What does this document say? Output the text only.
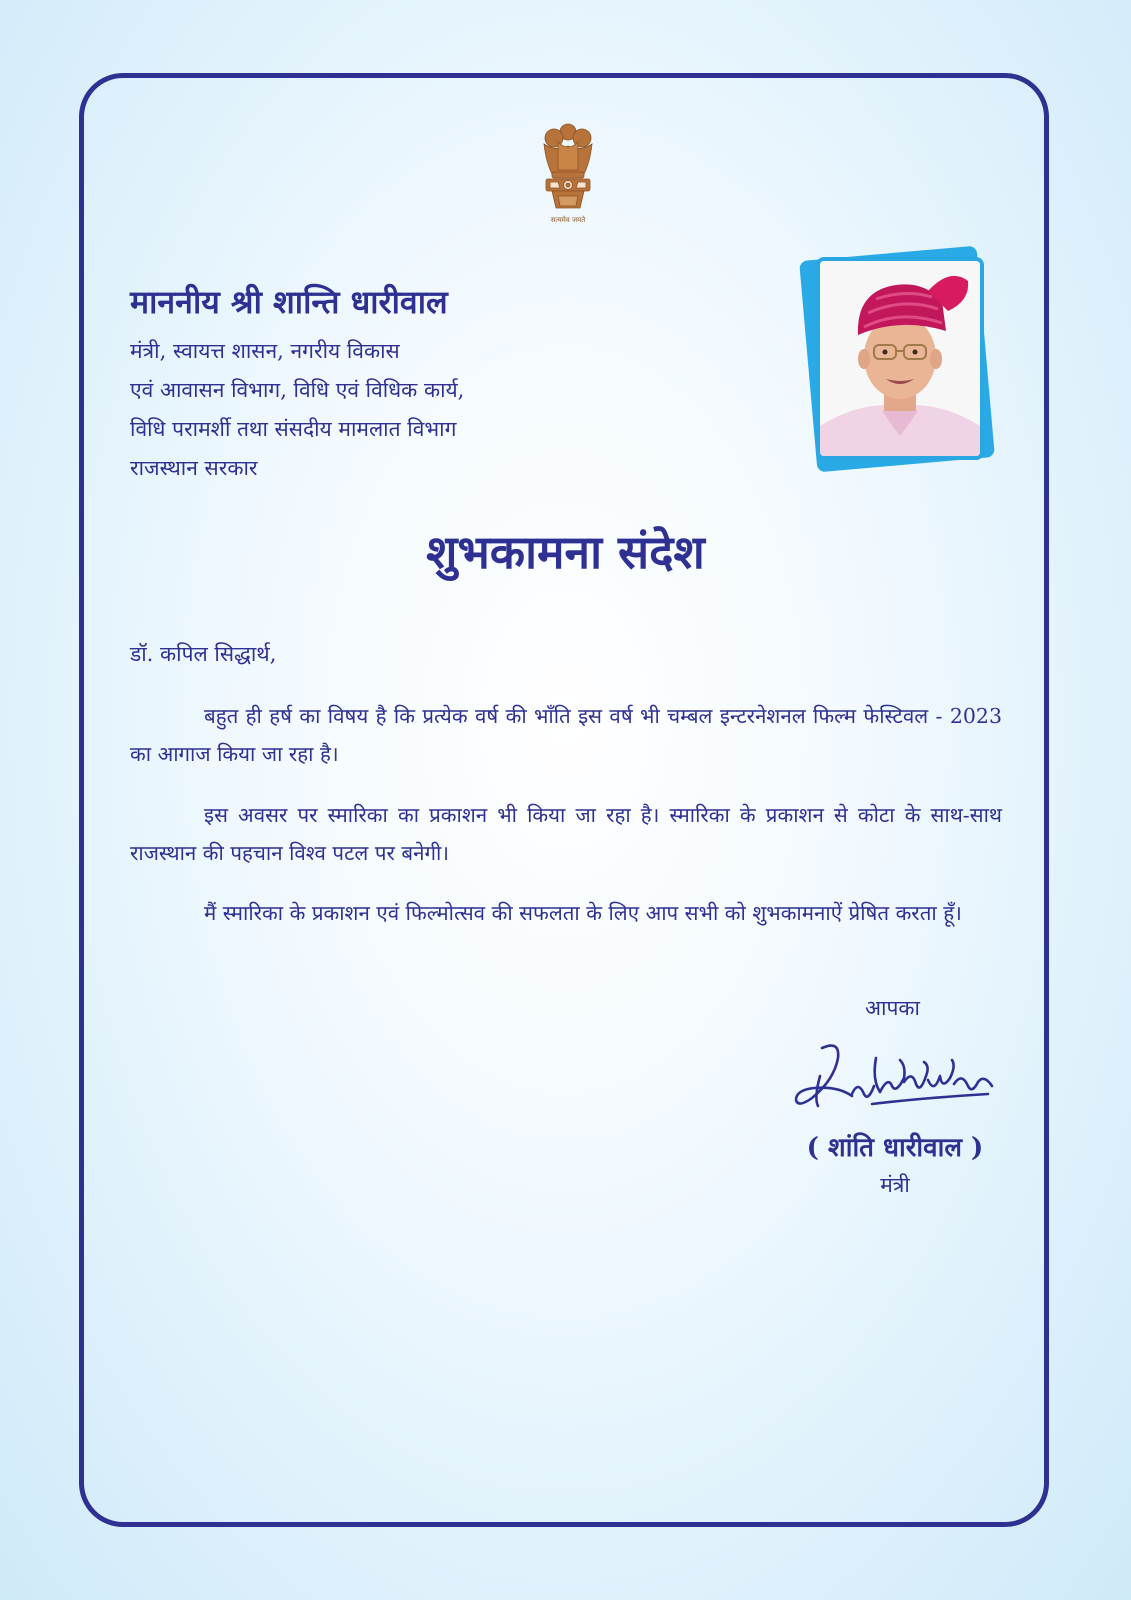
सत्यमेव जयते
माननीय श्री शान्ति धारीवाल
मंत्री, स्वायत्त शासन, नगरीय विकास
एवं आवासन विभाग, विधि एवं विधिक कार्य,
विधि परामर्शी तथा संसदीय मामलात विभाग
राजस्थान सरकार
शुभकामना संदेश
डॉ. कपिल सिद्धार्थ,
बहुत ही हर्ष का विषय है कि प्रत्येक वर्ष की भाँति इस वर्ष भी चम्बल इन्टरनेशनल फिल्म फेस्टिवल - 2023 का आगाज किया जा रहा है।
इस अवसर पर स्मारिका का प्रकाशन भी किया जा रहा है। स्मारिका के प्रकाशन से कोटा के साथ-साथ राजस्थान की पहचान विश्व पटल पर बनेगी।
मैं स्मारिका के प्रकाशन एवं फिल्मोत्सव की सफलता के लिए आप सभी को शुभकामनाऐं प्रेषित करता हूँ।
आपका
( शांति धारीवाल )
मंत्री
